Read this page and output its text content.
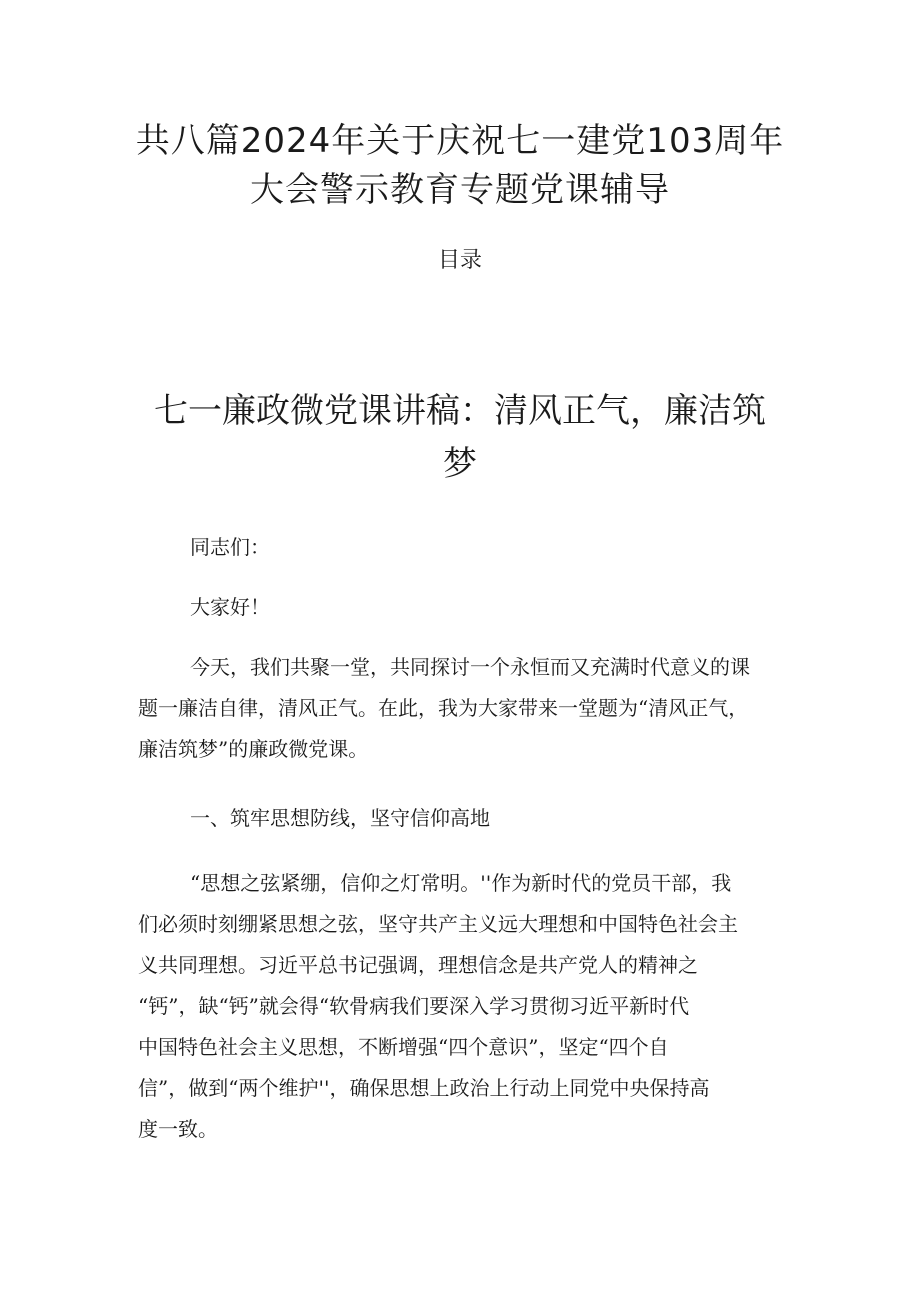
共八篇2024年关于庆祝七一建党103周年
大会警示教育专题党课辅导
目录
七一廉政微党课讲稿：清风正气，廉洁筑
梦

同志们：

大家好！

今天，我们共聚一堂，共同探讨一个永恒而又充满时代意义的课

题一廉洁自律，清风正气。在此，我为大家带来一堂题为“清风正气，

廉洁筑梦”的廉政微党课。

一、筑牢思想防线，坚守信仰高地

“思想之弦紧绷，信仰之灯常明。''作为新时代的党员干部，我

们必须时刻绷紧思想之弦，坚守共产主义远大理想和中国特色社会主

义共同理想。习近平总书记强调，理想信念是共产党人的精神之

“钙”，缺“钙”就会得“软骨病我们要深入学习贯彻习近平新时代

中国特色社会主义思想，不断增强“四个意识”，坚定“四个自

信”，做到“两个维护''，确保思想上政治上行动上同党中央保持高

度一致。
